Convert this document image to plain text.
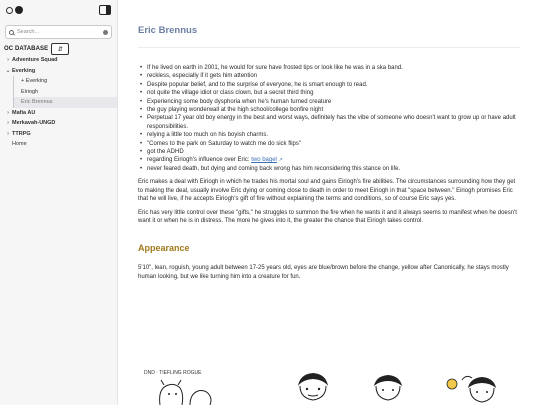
Search...
OC DATABASE	⇵
› Adventure Squad
⌄ Everking
+ Everking
Eiriogh
Eric Brennus
› Mafia AU
› Merkavah-UNGD
› TTRPG
Home
Eric Brennus
• If he lived on earth in 2001, he would for sure have frosted tips or look like he was in a ska band.
• reckless, especially if it gets him attention
• Despite popular belief, and to the surprise of everyone, he is smart enough to read.
• not quite the village idiot or class clown, but a secret third thing
• Experiencing some body dysphoria when he's human turned creature
• the guy playing wonderwall at the high school/college bonfire night
• Perpetual 17 year old boy energy in the best and worst ways, definitely has the vibe of someone who doesn't want to grow up or have adult responsibilities.
• relying a little too much on his boyish charms.
• "Comes to the park on Saturday to watch me do sick flips"
• got the ADHD
• regarding Eiriogh's influence over Eric: two bagel ↗
• never feared death, but dying and coming back wrong has him reconsidering this stance on life.

Eric makes a deal with Eiriogh in which he trades his mortal soul and gains Eiriogh's fire abilities. The circumstances surrounding how they get to making the deal, usually involve Eric dying or coming close to death in order to meet Eiriogh in that "space between." Eiriogh promises Eric that he will live, if he accepts Eiriogh's gift of fire without explaining the terms and conditions, so of course Eric says yes.

Eric has very little control over these "gifts," he struggles to summon the fire when he wants it and it always seems to manifest when he doesn't want it or when he is in distress. The more he gives into it, the greater the chance that Eiriogh takes control.

Appearance

5'10", lean, roguish, young adult between 17-25 years old, eyes are blue/brown before the change, yellow after Canonically, he stays mostly human looking, but we like turning him into a creature for fun.

DND · TIEFLING ROGUE
